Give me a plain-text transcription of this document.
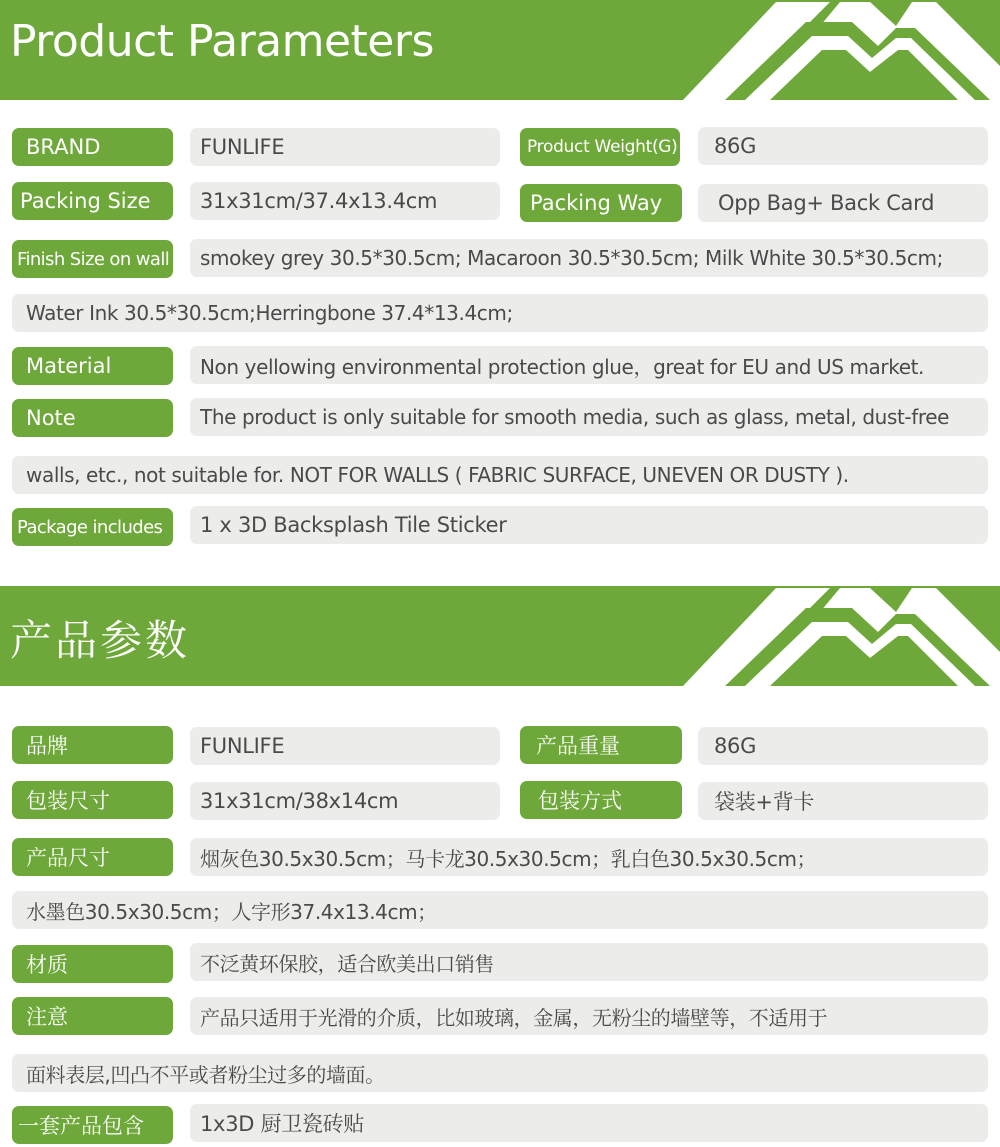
Product Parameters
BRAND	FUNLIFE	Product Weight(G)	86G
Packing Size	31x31cm/37.4x13.4cm	Packing Way	Opp Bag+ Back Card
Finish Size on wall	smokey grey 30.5*30.5cm; Macaroon 30.5*30.5cm; Milk White 30.5*30.5cm;
Water Ink 30.5*30.5cm;Herringbone 37.4*13.4cm;
Material	Non yellowing environmental protection glue，great for EU and US market.
Note	The product is only suitable for smooth media, such as glass, metal, dust-free
walls, etc., not suitable for. NOT FOR WALLS ( FABRIC SURFACE, UNEVEN OR DUSTY ).
Package includes	1 x 3D Backsplash Tile Sticker
产品参数
品牌	FUNLIFE	产品重量	86G
包装尺寸	31x31cm/38x14cm	包装方式	袋装+背卡
产品尺寸	烟灰色30.5x30.5cm；马卡龙30.5x30.5cm；乳白色30.5x30.5cm；
水墨色30.5x30.5cm；人字形37.4x13.4cm；
材质	不泛黄环保胶，适合欧美出口销售
注意	产品只适用于光滑的介质，比如玻璃，金属，无粉尘的墙壁等，不适用于
面料表层,凹凸不平或者粉尘过多的墙面。
一套产品包含	1x3D 厨卫瓷砖贴
